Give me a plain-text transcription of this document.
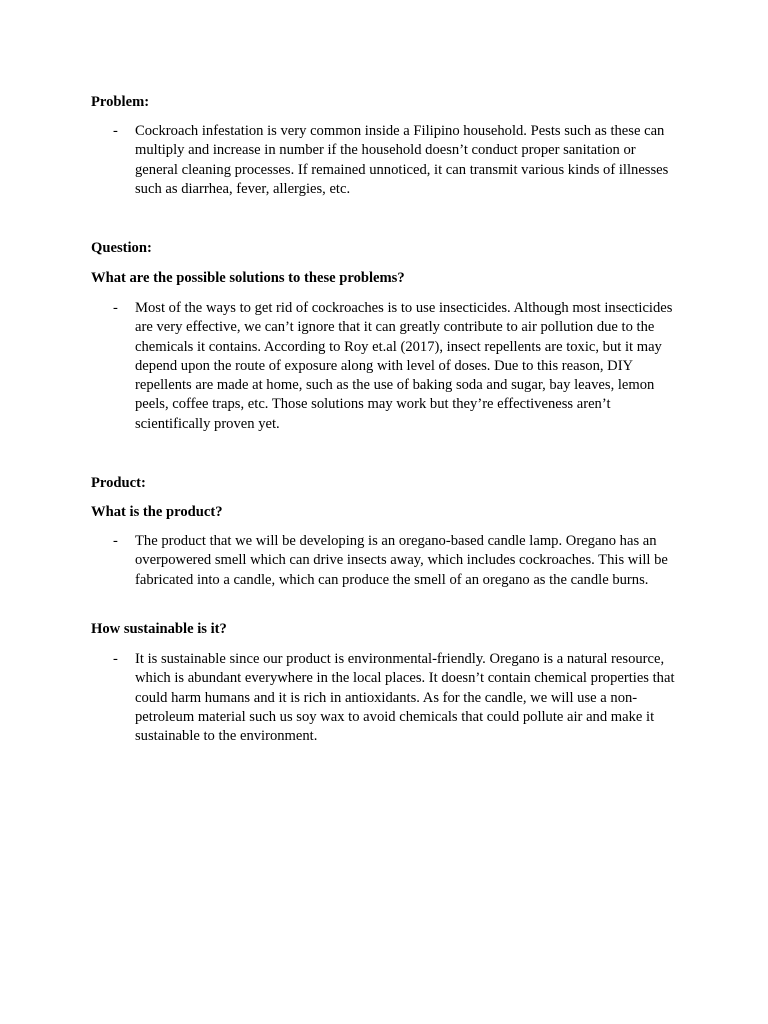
Problem:

- Cockroach infestation is very common inside a Filipino household. Pests such as these can multiply and increase in number if the household doesn’t conduct proper sanitation or general cleaning processes. If remained unnoticed, it can transmit various kinds of illnesses such as diarrhea, fever, allergies, etc.

Question:

What are the possible solutions to these problems?

- Most of the ways to get rid of cockroaches is to use insecticides. Although most insecticides are very effective, we can’t ignore that it can greatly contribute to air pollution due to the chemicals it contains. According to Roy et.al (2017), insect repellents are toxic, but it may depend upon the route of exposure along with level of doses. Due to this reason, DIY repellents are made at home, such as the use of baking soda and sugar, bay leaves, lemon peels, coffee traps, etc. Those solutions may work but they’re effectiveness aren’t scientifically proven yet.

Product:

What is the product?

- The product that we will be developing is an oregano-based candle lamp. Oregano has an overpowered smell which can drive insects away, which includes cockroaches. This will be fabricated into a candle, which can produce the smell of an oregano as the candle burns.

How sustainable is it?

- It is sustainable since our product is environmental-friendly. Oregano is a natural resource, which is abundant everywhere in the local places. It doesn’t contain chemical properties that could harm humans and it is rich in antioxidants. As for the candle, we will use a non-petroleum material such us soy wax to avoid chemicals that could pollute air and make it sustainable to the environment.
